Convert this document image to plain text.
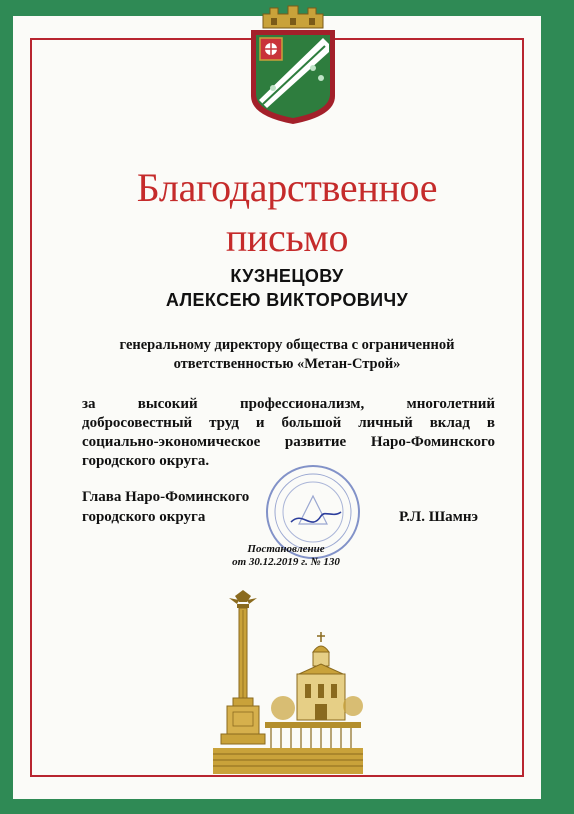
Благодарственное
письмо
КУЗНЕЦОВУ
АЛЕКСЕЮ ВИКТОРОВИЧУ
генеральному директору общества с ограниченной
ответственностью «Метан-Строй»
за высокий профессионализм, многолетний
добросовестный труд и большой личный вклад в
социально-экономическое развитие Наро-Фоминского
городского округа.
Глава Наро-Фоминского
городского округа	Р.Л. Шамнэ
Постановление
от 30.12.2019 г. № 130
